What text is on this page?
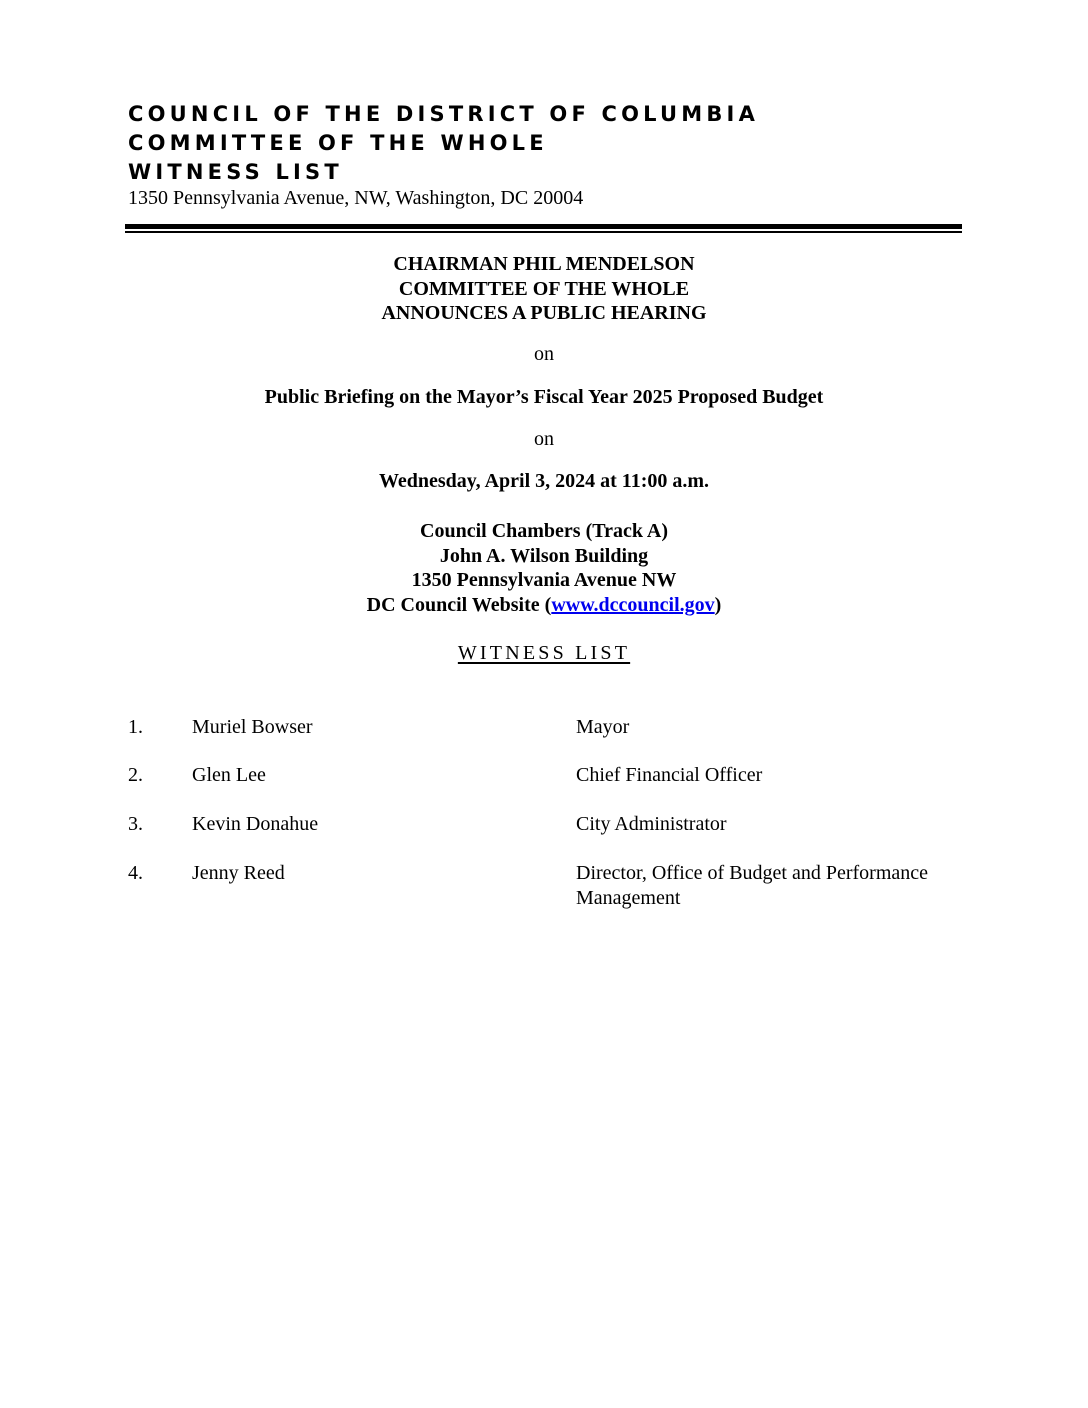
COUNCIL OF THE DISTRICT OF COLUMBIA
COMMITTEE OF THE WHOLE
WITNESS LIST
1350 Pennsylvania Avenue, NW, Washington, DC 20004
CHAIRMAN PHIL MENDELSON
COMMITTEE OF THE WHOLE
ANNOUNCES A PUBLIC HEARING
on
Public Briefing on the Mayor’s Fiscal Year 2025 Proposed Budget
on
Wednesday, April 3, 2024 at 11:00 a.m.
Council Chambers (Track A)
John A. Wilson Building
1350 Pennsylvania Avenue NW
DC Council Website (www.dccouncil.gov)
WITNESS LIST
1. Muriel Bowser	Mayor
2. Glen Lee	Chief Financial Officer
3. Kevin Donahue	City Administrator
4. Jenny Reed	Director, Office of Budget and Performance Management
